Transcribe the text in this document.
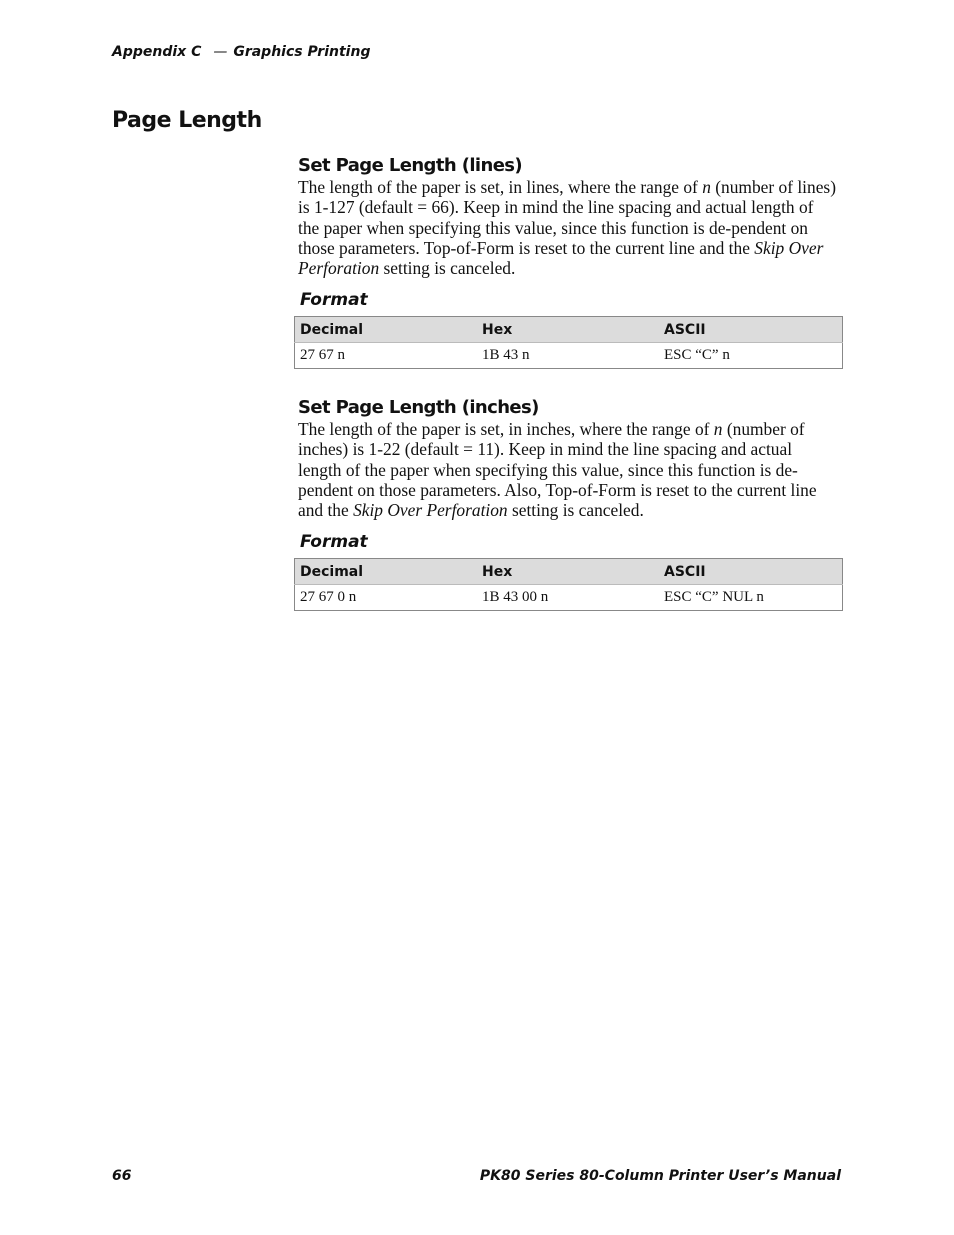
Appendix C — Graphics Printing
Page Length
Set Page Length (lines)

The length of the paper is set, in lines, where the range of n (number of lines) is 1-127 (default = 66). Keep in mind the line spacing and actual length of the paper when specifying this value, since this function is de-pendent on those parameters. Top-of-Form is reset to the current line and the Skip Over Perforation setting is canceled.

Format
Decimal	Hex	ASCII
27 67 n	1B 43 n	ESC “C” n
Set Page Length (inches)

The length of the paper is set, in inches, where the range of n (number of inches) is 1-22 (default = 11). Keep in mind the line spacing and actual length of the paper when specifying this value, since this function is de-pendent on those parameters. Also, Top-of-Form is reset to the current line and the Skip Over Perforation setting is canceled.

Format
Decimal	Hex	ASCII
27 67 0 n	1B 43 00 n	ESC “C” NUL n
66	PK80 Series 80-Column Printer User’s Manual
